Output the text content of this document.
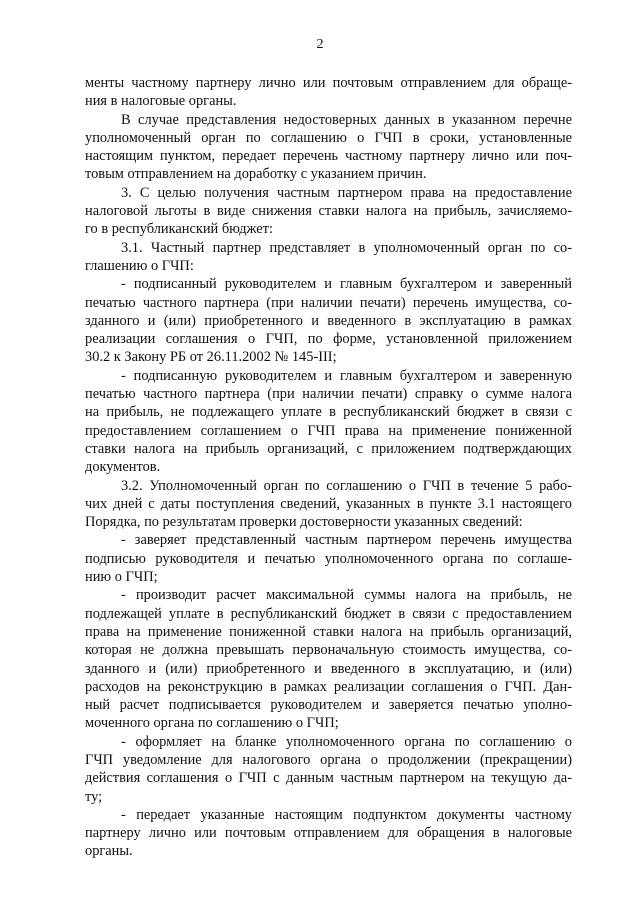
2
менты частному партнеру лично или почтовым отправлением для обраще-
ния в налоговые органы.
В случае представления недостоверных данных в указанном перечне
уполномоченный орган по соглашению о ГЧП в сроки, установленные
настоящим пунктом, передает перечень частному партнеру лично или поч-
товым отправлением на доработку с указанием причин.
3. С целью получения частным партнером права на предоставление
налоговой льготы в виде снижения ставки налога на прибыль, зачисляемо-
го в республиканский бюджет:
3.1. Частный партнер представляет в уполномоченный орган по со-
глашению о ГЧП:
- подписанный руководителем и главным бухгалтером и заверенный
печатью частного партнера (при наличии печати) перечень имущества, со-
зданного и (или) приобретенного и введенного в эксплуатацию в рамках
реализации соглашения о ГЧП, по форме, установленной приложением
30.2 к Закону РБ от 26.11.2002 № 145-III;
- подписанную руководителем и главным бухгалтером и заверенную
печатью частного партнера (при наличии печати) справку о сумме налога
на прибыль, не подлежащего уплате в республиканский бюджет в связи с
предоставлением соглашением о ГЧП права на применение пониженной
ставки налога на прибыль организаций, с приложением подтверждающих
документов.
3.2. Уполномоченный орган по соглашению о ГЧП в течение 5 рабо-
чих дней с даты поступления сведений, указанных в пункте 3.1 настоящего
Порядка, по результатам проверки достоверности указанных сведений:
- заверяет представленный частным партнером перечень имущества
подписью руководителя и печатью уполномоченного органа по соглаше-
нию о ГЧП;
- производит расчет максимальной суммы налога на прибыль, не
подлежащей уплате в республиканский бюджет в связи с предоставлением
права на применение пониженной ставки налога на прибыль организаций,
которая не должна превышать первоначальную стоимость имущества, со-
зданного и (или) приобретенного и введенного в эксплуатацию, и (или)
расходов на реконструкцию в рамках реализации соглашения о ГЧП. Дан-
ный расчет подписывается руководителем и заверяется печатью уполно-
моченного органа по соглашению о ГЧП;
- оформляет на бланке уполномоченного органа по соглашению о
ГЧП уведомление для налогового органа о продолжении (прекращении)
действия соглашения о ГЧП с данным частным партнером на текущую да-
ту;
- передает указанные настоящим подпунктом документы частному
партнеру лично или почтовым отправлением для обращения в налоговые
органы.
